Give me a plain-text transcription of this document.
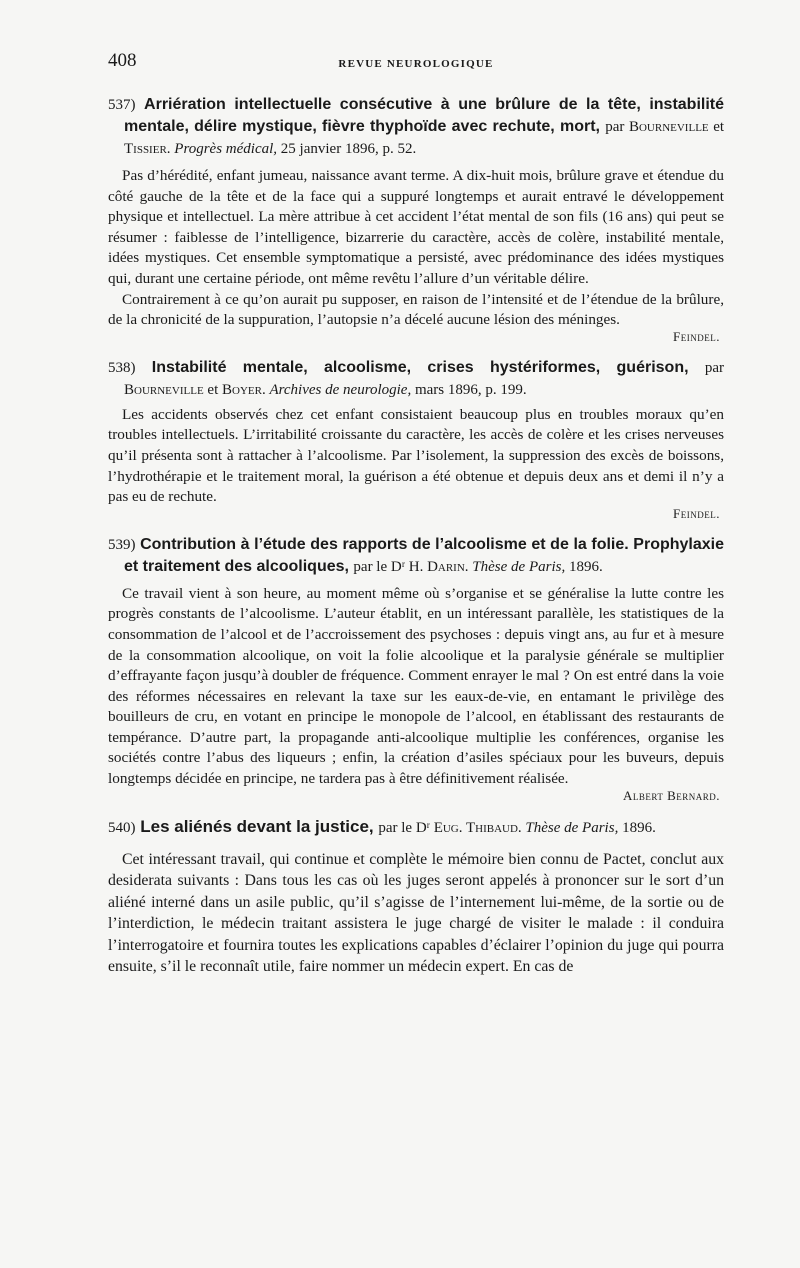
408	REVUE NEUROLOGIQUE

537) Arriération intellectuelle consécutive à une brûlure de la tête, instabilité mentale, délire mystique, fièvre thyphoïde avec rechute, mort, par Bourneville et Tissier. Progrès médical, 25 janvier 1896, p. 52.

Pas d’hérédité, enfant jumeau, naissance avant terme. A dix-huit mois, brûlure grave et étendue du côté gauche de la tête et de la face qui a suppuré longtemps et aurait entravé le développement physique et intellectuel. La mère attribue à cet accident l’état mental de son fils (16 ans) qui peut se résumer : faiblesse de l’intelligence, bizarrerie du caractère, accès de colère, instabilité mentale, idées mystiques. Cet ensemble symptomatique a persisté, avec prédominance des idées mystiques qui, durant une certaine période, ont même revêtu l’allure d’un véritable délire.

Contrairement à ce qu’on aurait pu supposer, en raison de l’intensité et de l’étendue de la brûlure, de la chronicité de la suppuration, l’autopsie n’a décelé aucune lésion des méninges.

Feindel.

538) Instabilité mentale, alcoolisme, crises hystériformes, guérison, par Bourneville et Boyer. Archives de neurologie, mars 1896, p. 199.

Les accidents observés chez cet enfant consistaient beaucoup plus en troubles moraux qu’en troubles intellectuels. L’irritabilité croissante du caractère, les accès de colère et les crises nerveuses qu’il présenta sont à rattacher à l’alcoolisme. Par l’isolement, la suppression des excès de boissons, l’hydrothérapie et le traitement moral, la guérison a été obtenue et depuis deux ans et demi il n’y a pas eu de rechute.

Feindel.

539) Contribution à l’étude des rapports de l’alcoolisme et de la folie. Prophylaxie et traitement des alcooliques, par le Dʳ H. Darin. Thèse de Paris, 1896.

Ce travail vient à son heure, au moment même où s’organise et se généralise la lutte contre les progrès constants de l’alcoolisme. L’auteur établit, en un intéressant parallèle, les statistiques de la consommation de l’alcool et de l’accroissement des psychoses : depuis vingt ans, au fur et à mesure de la consommation alcoolique, on voit la folie alcoolique et la paralysie générale se multiplier d’effrayante façon jusqu’à doubler de fréquence. Comment enrayer le mal ? On est entré dans la voie des réformes nécessaires en relevant la taxe sur les eaux-de-vie, en entamant le privilège des bouilleurs de cru, en votant en principe le monopole de l’alcool, en établissant des restaurants de tempérance. D’autre part, la propagande anti-alcoolique multiplie les conférences, organise les sociétés contre l’abus des liqueurs ; enfin, la création d’asiles spéciaux pour les buveurs, depuis longtemps décidée en principe, ne tardera pas à être définitivement réalisée.

Albert Bernard.

540) Les aliénés devant la justice, par le Dʳ Eug. Thibaud. Thèse de Paris, 1896.

Cet intéressant travail, qui continue et complète le mémoire bien connu de Pactet, conclut aux desiderata suivants : Dans tous les cas où les juges seront appelés à prononcer sur le sort d’un aliéné interné dans un asile public, qu’il s’agisse de l’internement lui-même, de la sortie ou de l’interdiction, le médecin traitant assistera le juge chargé de visiter le malade : il conduira l’interrogatoire et fournira toutes les explications capables d’éclairer l’opinion du juge qui pourra ensuite, s’il le reconnaît utile, faire nommer un médecin expert. En cas de
